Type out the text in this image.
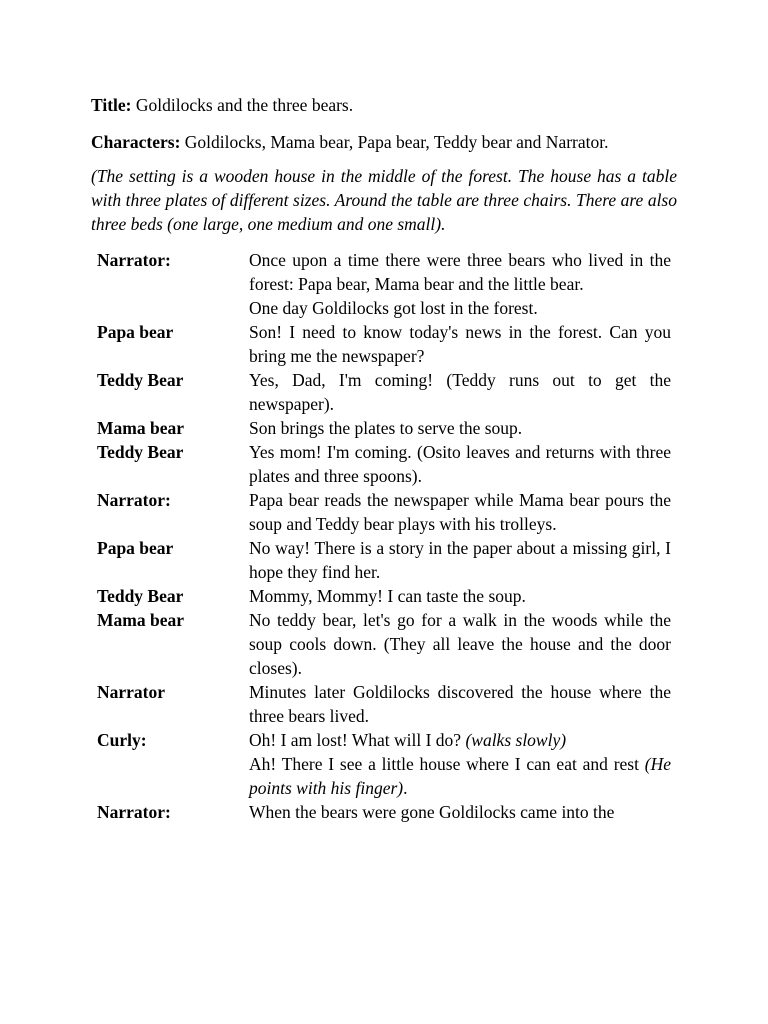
Title: Goldilocks and the three bears.

Characters: Goldilocks, Mama bear, Papa bear, Teddy bear and Narrator.

(The setting is a wooden house in the middle of the forest. The house has a table with three plates of different sizes. Around the table are three chairs. There are also three beds (one large, one medium and one small).

Narrator:	Once upon a time there were three bears who lived in the forest: Papa bear, Mama bear and the little bear.
One day Goldilocks got lost in the forest.

Papa bear	Son! I need to know today's news in the forest. Can you bring me the newspaper?

Teddy Bear	Yes, Dad, I'm coming! (Teddy runs out to get the newspaper).

Mama bear	Son brings the plates to serve the soup.

Teddy Bear	Yes mom! I'm coming. (Osito leaves and returns with three plates and three spoons).

Narrator:	Papa bear reads the newspaper while Mama bear pours the soup and Teddy bear plays with his trolleys.

Papa bear	No way! There is a story in the paper about a missing girl, I hope they find her.

Teddy Bear	Mommy, Mommy! I can taste the soup.

Mama bear	No teddy bear, let's go for a walk in the woods while the soup cools down. (They all leave the house and the door closes).

Narrator	Minutes later Goldilocks discovered the house where the three bears lived.

Curly:	Oh! I am lost! What will I do? (walks slowly)
Ah! There I see a little house where I can eat and rest (He points with his finger).

Narrator:	When the bears were gone Goldilocks came into the
